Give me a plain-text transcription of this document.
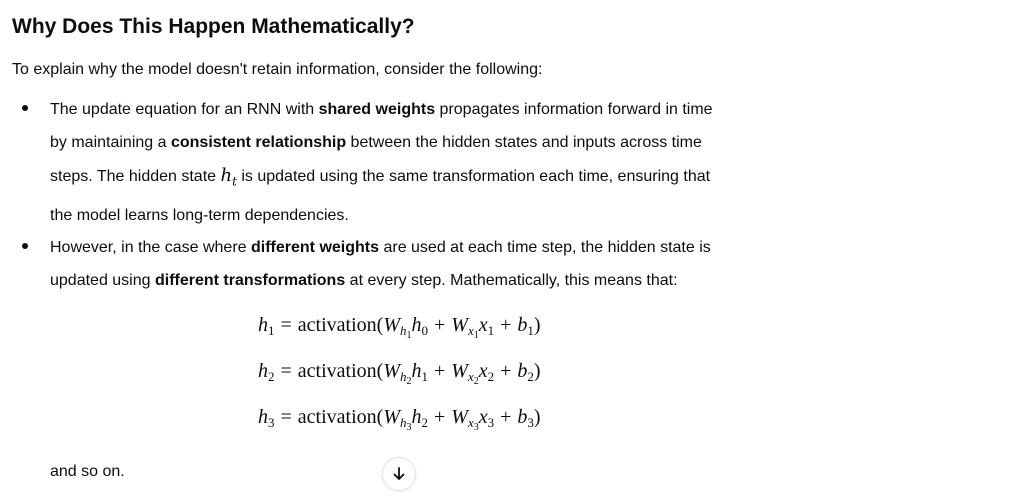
Why Does This Happen Mathematically?

To explain why the model doesn't retain information, consider the following:

The update equation for an RNN with shared weights propagates information forward in time
by maintaining a consistent relationship between the hidden states and inputs across time
steps. The hidden state $h_t$ is updated using the same transformation each time, ensuring that
the model learns long-term dependencies.
However, in the case where different weights are used at each time step, the hidden state is
updated using different transformations at every step. Mathematically, this means that:
$h_1$ = $activation(W_{h_1}h_0 + W_{x_1}x_1 + b_1)$
$h_2$ = $activation(W_{h_2}h_1 + W_{x_2}x_2 + b_2)$
$h_3$ = $activation(W_{h_3}h_2 + W_{x_3}x_3 + b_3)$

and so on.
